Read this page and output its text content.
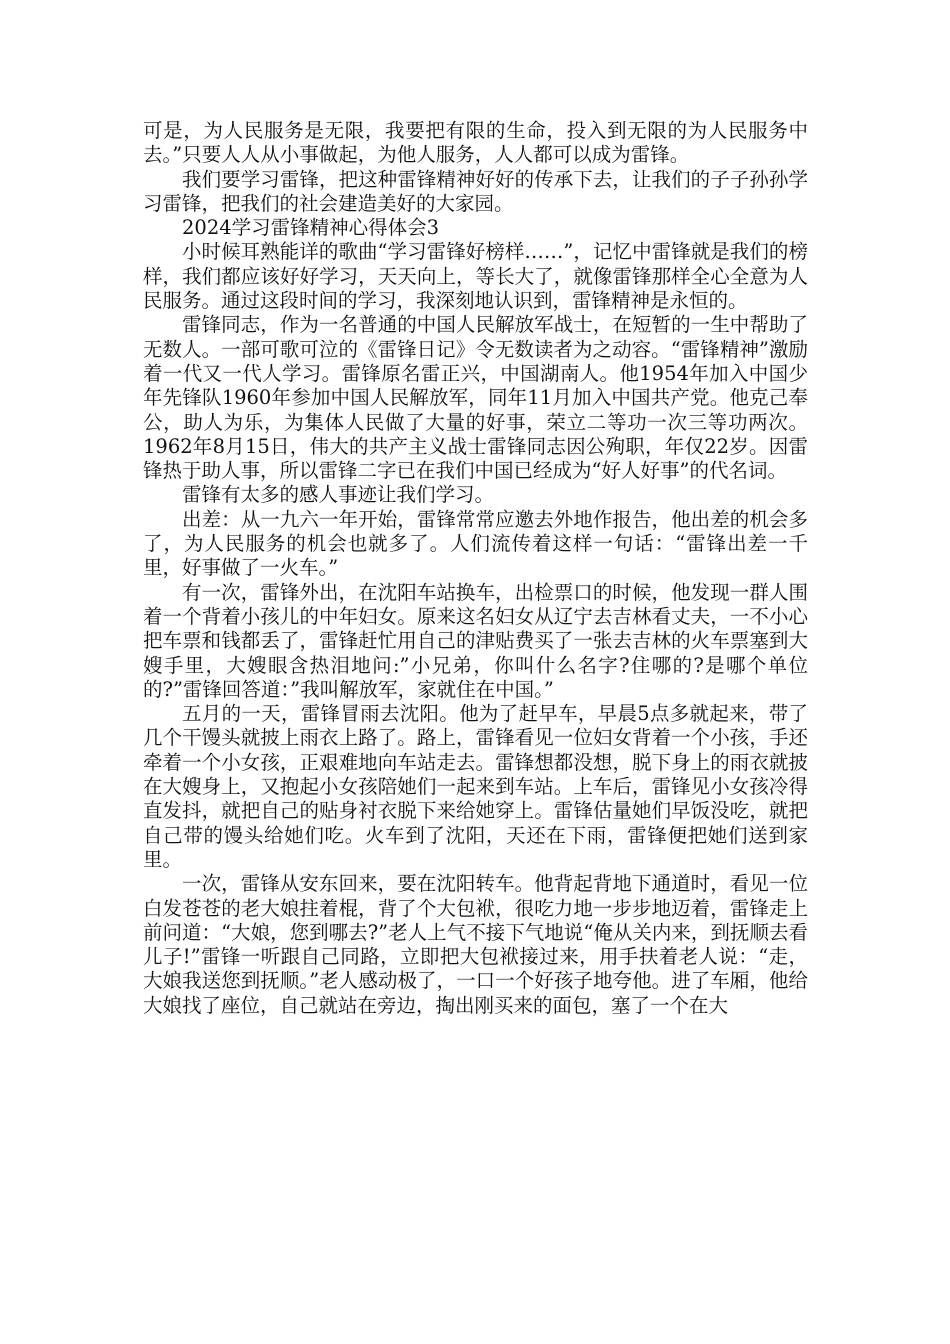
可是，为人民服务是无限，我要把有限的生命，投入到无限的为人民服务中去。”只要人人从小事做起，为他人服务，人人都可以成为雷锋。

我们要学习雷锋，把这种雷锋精神好好的传承下去，让我们的子子孙孙学习雷锋，把我们的社会建造美好的大家园。

2024学习雷锋精神心得体会3

小时候耳熟能详的歌曲“学习雷锋好榜样……”，记忆中雷锋就是我们的榜样，我们都应该好好学习，天天向上，等长大了，就像雷锋那样全心全意为人民服务。通过这段时间的学习，我深刻地认识到，雷锋精神是永恒的。

雷锋同志，作为一名普通的中国人民解放军战士，在短暂的一生中帮助了无数人。一部可歌可泣的《雷锋日记》令无数读者为之动容。“雷锋精神”激励着一代又一代人学习。雷锋原名雷正兴，中国湖南人。他1954年加入中国少年先锋队1960年参加中国人民解放军，同年11月加入中国共产党。他克己奉公，助人为乐，为集体人民做了大量的好事，荣立二等功一次三等功两次。1962年8月15日，伟大的共产主义战士雷锋同志因公殉职，年仅22岁。因雷锋热于助人事，所以雷锋二字已在我们中国已经成为“好人好事”的代名词。

雷锋有太多的感人事迹让我们学习。

出差：从一九六一年开始，雷锋常常应邀去外地作报告，他出差的机会多了，为人民服务的机会也就多了。人们流传着这样一句话：“雷锋出差一千里，好事做了一火车。”

有一次，雷锋外出，在沈阳车站换车，出检票口的时候，他发现一群人围着一个背着小孩儿的中年妇女。原来这名妇女从辽宁去吉林看丈夫，一不小心把车票和钱都丢了，雷锋赶忙用自己的津贴费买了一张去吉林的火车票塞到大嫂手里，大嫂眼含热泪地问:”小兄弟，你叫什么名字?住哪的?是哪个单位的?”雷锋回答道：”我叫解放军，家就住在中国。”

五月的一天，雷锋冒雨去沈阳。他为了赶早车，早晨5点多就起来，带了几个干馒头就披上雨衣上路了。路上，雷锋看见一位妇女背着一个小孩，手还牵着一个小女孩，正艰难地向车站走去。雷锋想都没想，脱下身上的雨衣就披在大嫂身上，又抱起小女孩陪她们一起来到车站。上车后，雷锋见小女孩冷得直发抖，就把自己的贴身衬衣脱下来给她穿上。雷锋估量她们早饭没吃，就把自己带的馒头给她们吃。火车到了沈阳，天还在下雨，雷锋便把她们送到家里。

一次，雷锋从安东回来，要在沈阳转车。他背起背地下通道时，看见一位白发苍苍的老大娘拄着棍，背了个大包袱，很吃力地一步步地迈着，雷锋走上前问道：“大娘，您到哪去?”老人上气不接下气地说“俺从关内来，到抚顺去看儿子!”雷锋一听跟自己同路，立即把大包袱接过来，用手扶着老人说：“走，大娘我送您到抚顺。”老人感动极了，一口一个好孩子地夸他。进了车厢，他给大娘找了座位，自己就站在旁边，掏出刚买来的面包，塞了一个在大
